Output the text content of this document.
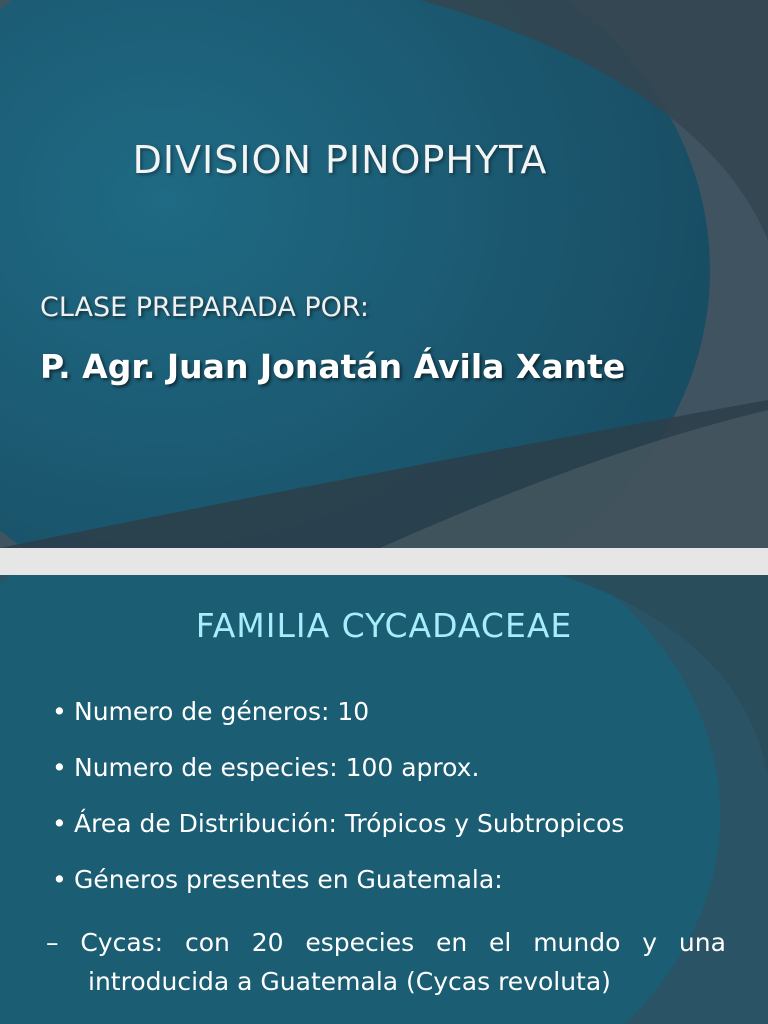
DIVISION PINOPHYTA
CLASE PREPARADA POR:
P. Agr. Juan Jonatán Ávila Xante
FAMILIA CYCADACEAE
• Numero de géneros: 10
• Numero de especies: 100 aprox.
• Área de Distribución: Trópicos y Subtropicos
• Géneros presentes en Guatemala:
– Cycas: con 20 especies en el mundo y una
introducida a Guatemala (Cycas revoluta)
